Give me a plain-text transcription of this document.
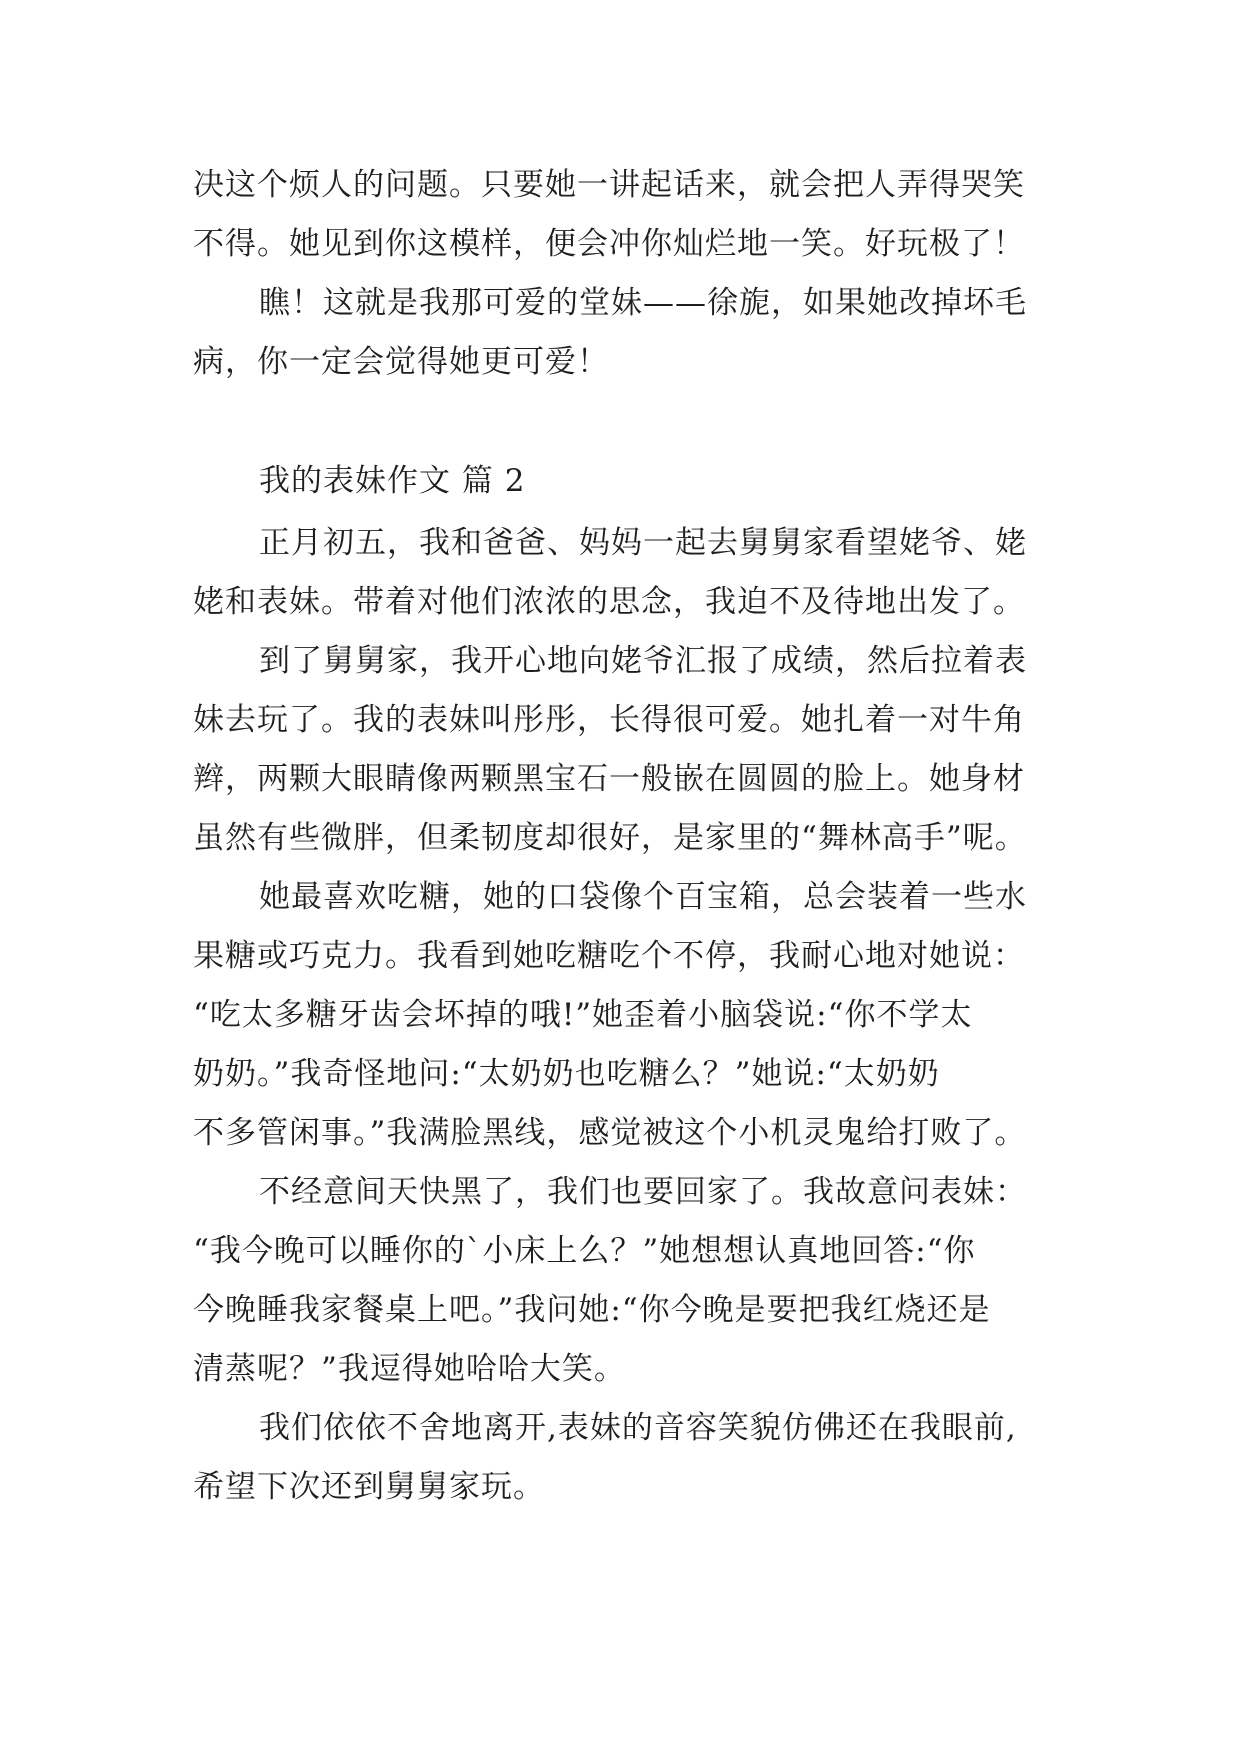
决这个烦人的问题。只要她一讲起话来，就会把人弄得哭笑
不得。她见到你这模样，便会冲你灿烂地一笑。好玩极了！
瞧！这就是我那可爱的堂妹——徐旎，如果她改掉坏毛
病，你一定会觉得她更可爱！
我的表妹作文 篇 2
正月初五，我和爸爸、妈妈一起去舅舅家看望姥爷、姥
姥和表妹。带着对他们浓浓的思念，我迫不及待地出发了。
到了舅舅家，我开心地向姥爷汇报了成绩，然后拉着表
妹去玩了。我的表妹叫彤彤，长得很可爱。她扎着一对牛角
辫，两颗大眼睛像两颗黑宝石一般嵌在圆圆的脸上。她身材
虽然有些微胖，但柔韧度却很好，是家里的“舞林高手”呢。
她最喜欢吃糖，她的口袋像个百宝箱，总会装着一些水
果糖或巧克力。我看到她吃糖吃个不停，我耐心地对她说：
“吃太多糖牙齿会坏掉的哦!”她歪着小脑袋说:“你不学太
奶奶。”我奇怪地问:“太奶奶也吃糖么？”她说:“太奶奶
不多管闲事。”我满脸黑线，感觉被这个小机灵鬼给打败了。
不经意间天快黑了，我们也要回家了。我故意问表妹：
“我今晚可以睡你的`小床上么？”她想想认真地回答:“你
今晚睡我家餐桌上吧。”我问她:“你今晚是要把我红烧还是
清蒸呢？”我逗得她哈哈大笑。
我们依依不舍地离开,表妹的音容笑貌仿佛还在我眼前,
希望下次还到舅舅家玩。
